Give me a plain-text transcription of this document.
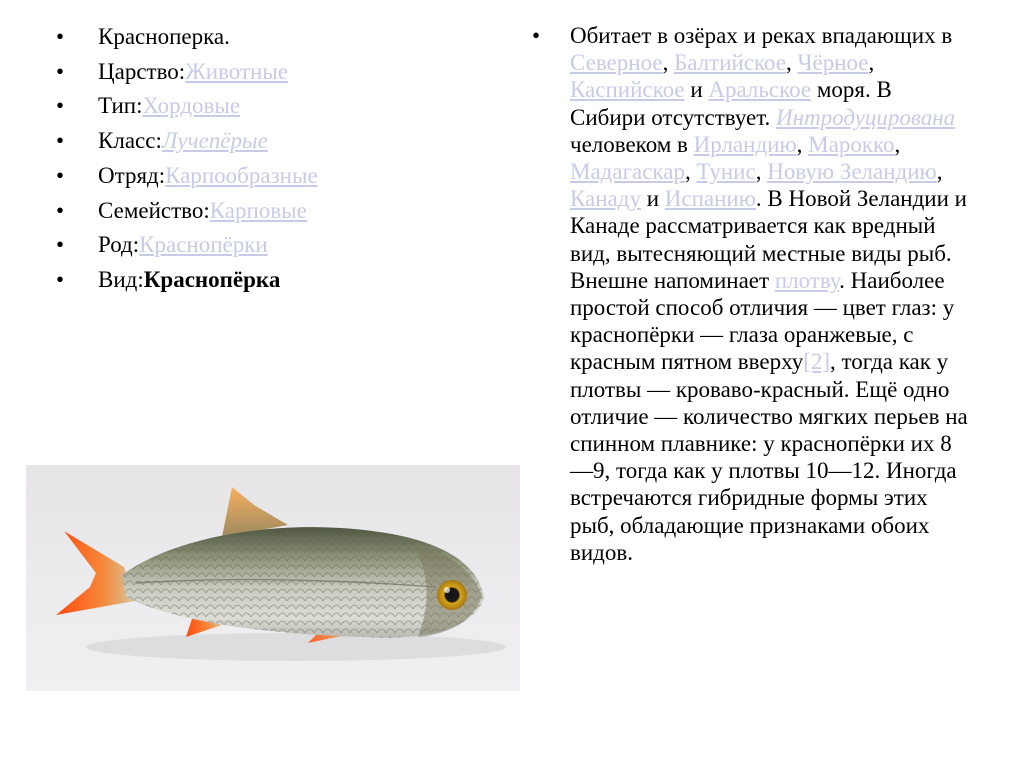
• Красноперка.
• Царство:Животные
• Тип:Хордовые
• Класс:Лучепёрые
• Отряд:Карпообразные
• Семейство:Карповые
• Род:Краснопёрки
• Вид:Краснопёрка
• Обитает в озёрах и реках впадающих в Северное, Балтийское, Чёрное, Каспийское и Аральское моря. В Сибири отсутствует. Интродуцирована человеком в Ирландию, Марокко, Мадагаскар, Тунис, Новую Зеландию, Канаду и Испанию. В Новой Зеландии и Канаде рассматривается как вредный вид, вытесняющий местные виды рыб. Внешне напоминает плотву. Наиболее простой способ отличия — цвет глаз: у краснопёрки — глаза оранжевые, с красным пятном вверху[2], тогда как у плотвы — кроваво-красный. Ещё одно отличие — количество мягких перьев на спинном плавнике: у краснопёрки их 8—9, тогда как у плотвы 10—12. Иногда встречаются гибридные формы этих рыб, обладающие признаками обоих видов.
